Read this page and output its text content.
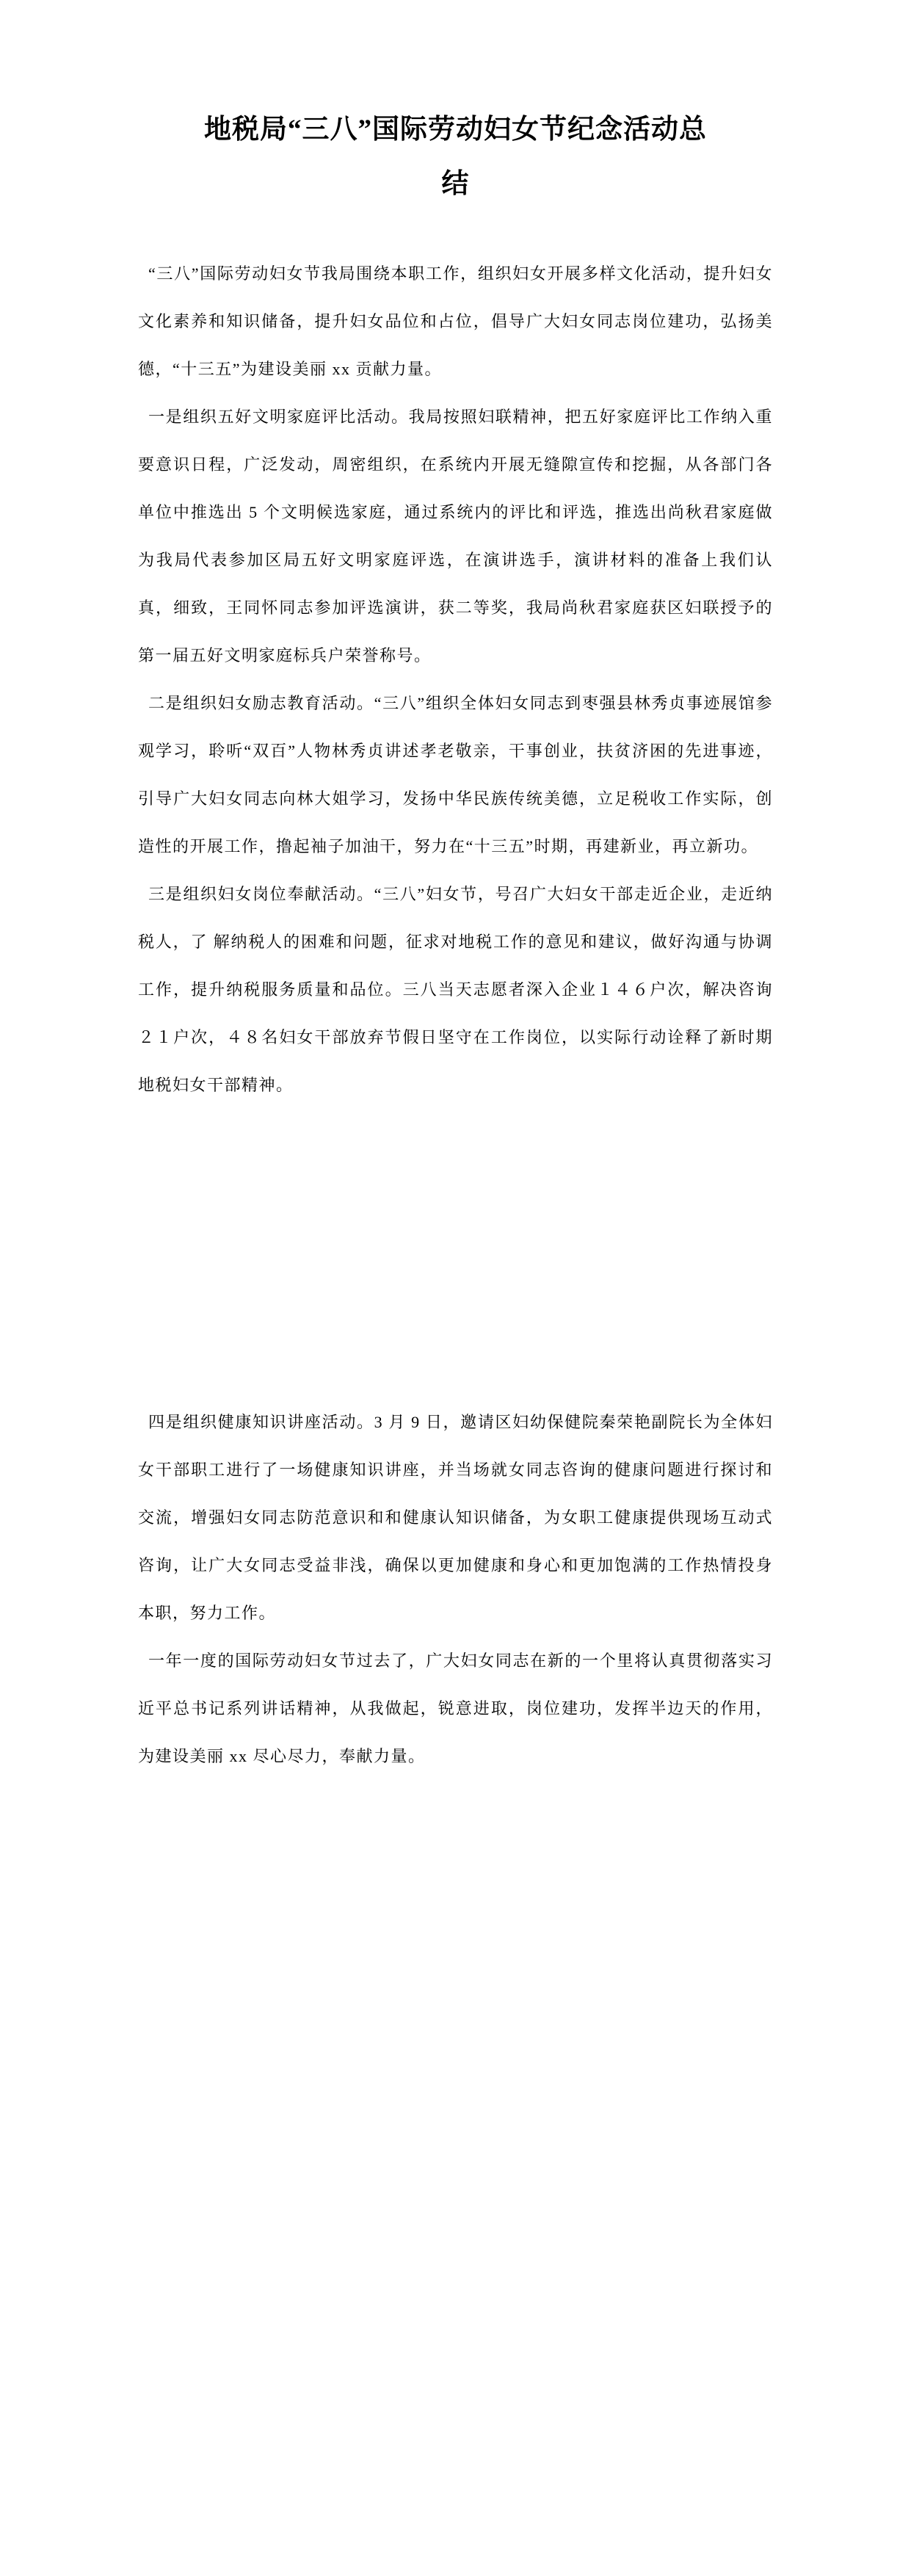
地税局“三八”国际劳动妇女节纪念活动总
结

“三八”国际劳动妇女节我局围绕本职工作，组织妇女开展多样文化活动，提升妇女文化素养和知识储备，提升妇女品位和占位，倡导广大妇女同志岗位建功，弘扬美德，“十三五”为建设美丽 xx 贡献力量。

一是组织五好文明家庭评比活动。我局按照妇联精神，把五好家庭评比工作纳入重要意识日程，广泛发动，周密组织，在系统内开展无缝隙宣传和挖掘，从各部门各单位中推选出 5 个文明候选家庭，通过系统内的评比和评选，推选出尚秋君家庭做为我局代表参加区局五好文明家庭评选，在演讲选手，演讲材料的准备上我们认真，细致，王同怀同志参加评选演讲，获二等奖，我局尚秋君家庭获区妇联授予的第一届五好文明家庭标兵户荣誉称号。

二是组织妇女励志教育活动。“三八”组织全体妇女同志到枣强县林秀贞事迹展馆参观学习，聆听“双百”人物林秀贞讲述孝老敬亲，干事创业，扶贫济困的先进事迹，引导广大妇女同志向林大姐学习，发扬中华民族传统美德，立足税收工作实际，创造性的开展工作，撸起袖子加油干，努力在“十三五”时期，再建新业，再立新功。

三是组织妇女岗位奉献活动。“三八”妇女节，号召广大妇女干部走近企业，走近纳税人，了 解纳税人的困难和问题，征求对地税工作的意见和建议，做好沟通与协调工作，提升纳税服务质量和品位。三八当天志愿者深入企业１４６户次，解决咨询２１户次，４８名妇女干部放弃节假日坚守在工作岗位，以实际行动诠释了新时期地税妇女干部精神。

四是组织健康知识讲座活动。3 月 9 日，邀请区妇幼保健院秦荣艳副院长为全体妇女干部职工进行了一场健康知识讲座，并当场就女同志咨询的健康问题进行探讨和交流，增强妇女同志防范意识和和健康认知识储备，为女职工健康提供现场互动式咨询，让广大女同志受益非浅，确保以更加健康和身心和更加饱满的工作热情投身本职，努力工作。

一年一度的国际劳动妇女节过去了，广大妇女同志在新的一个里将认真贯彻落实习近平总书记系列讲话精神，从我做起，锐意进取，岗位建功，发挥半边天的作用，为建设美丽 xx 尽心尽力，奉献力量。
